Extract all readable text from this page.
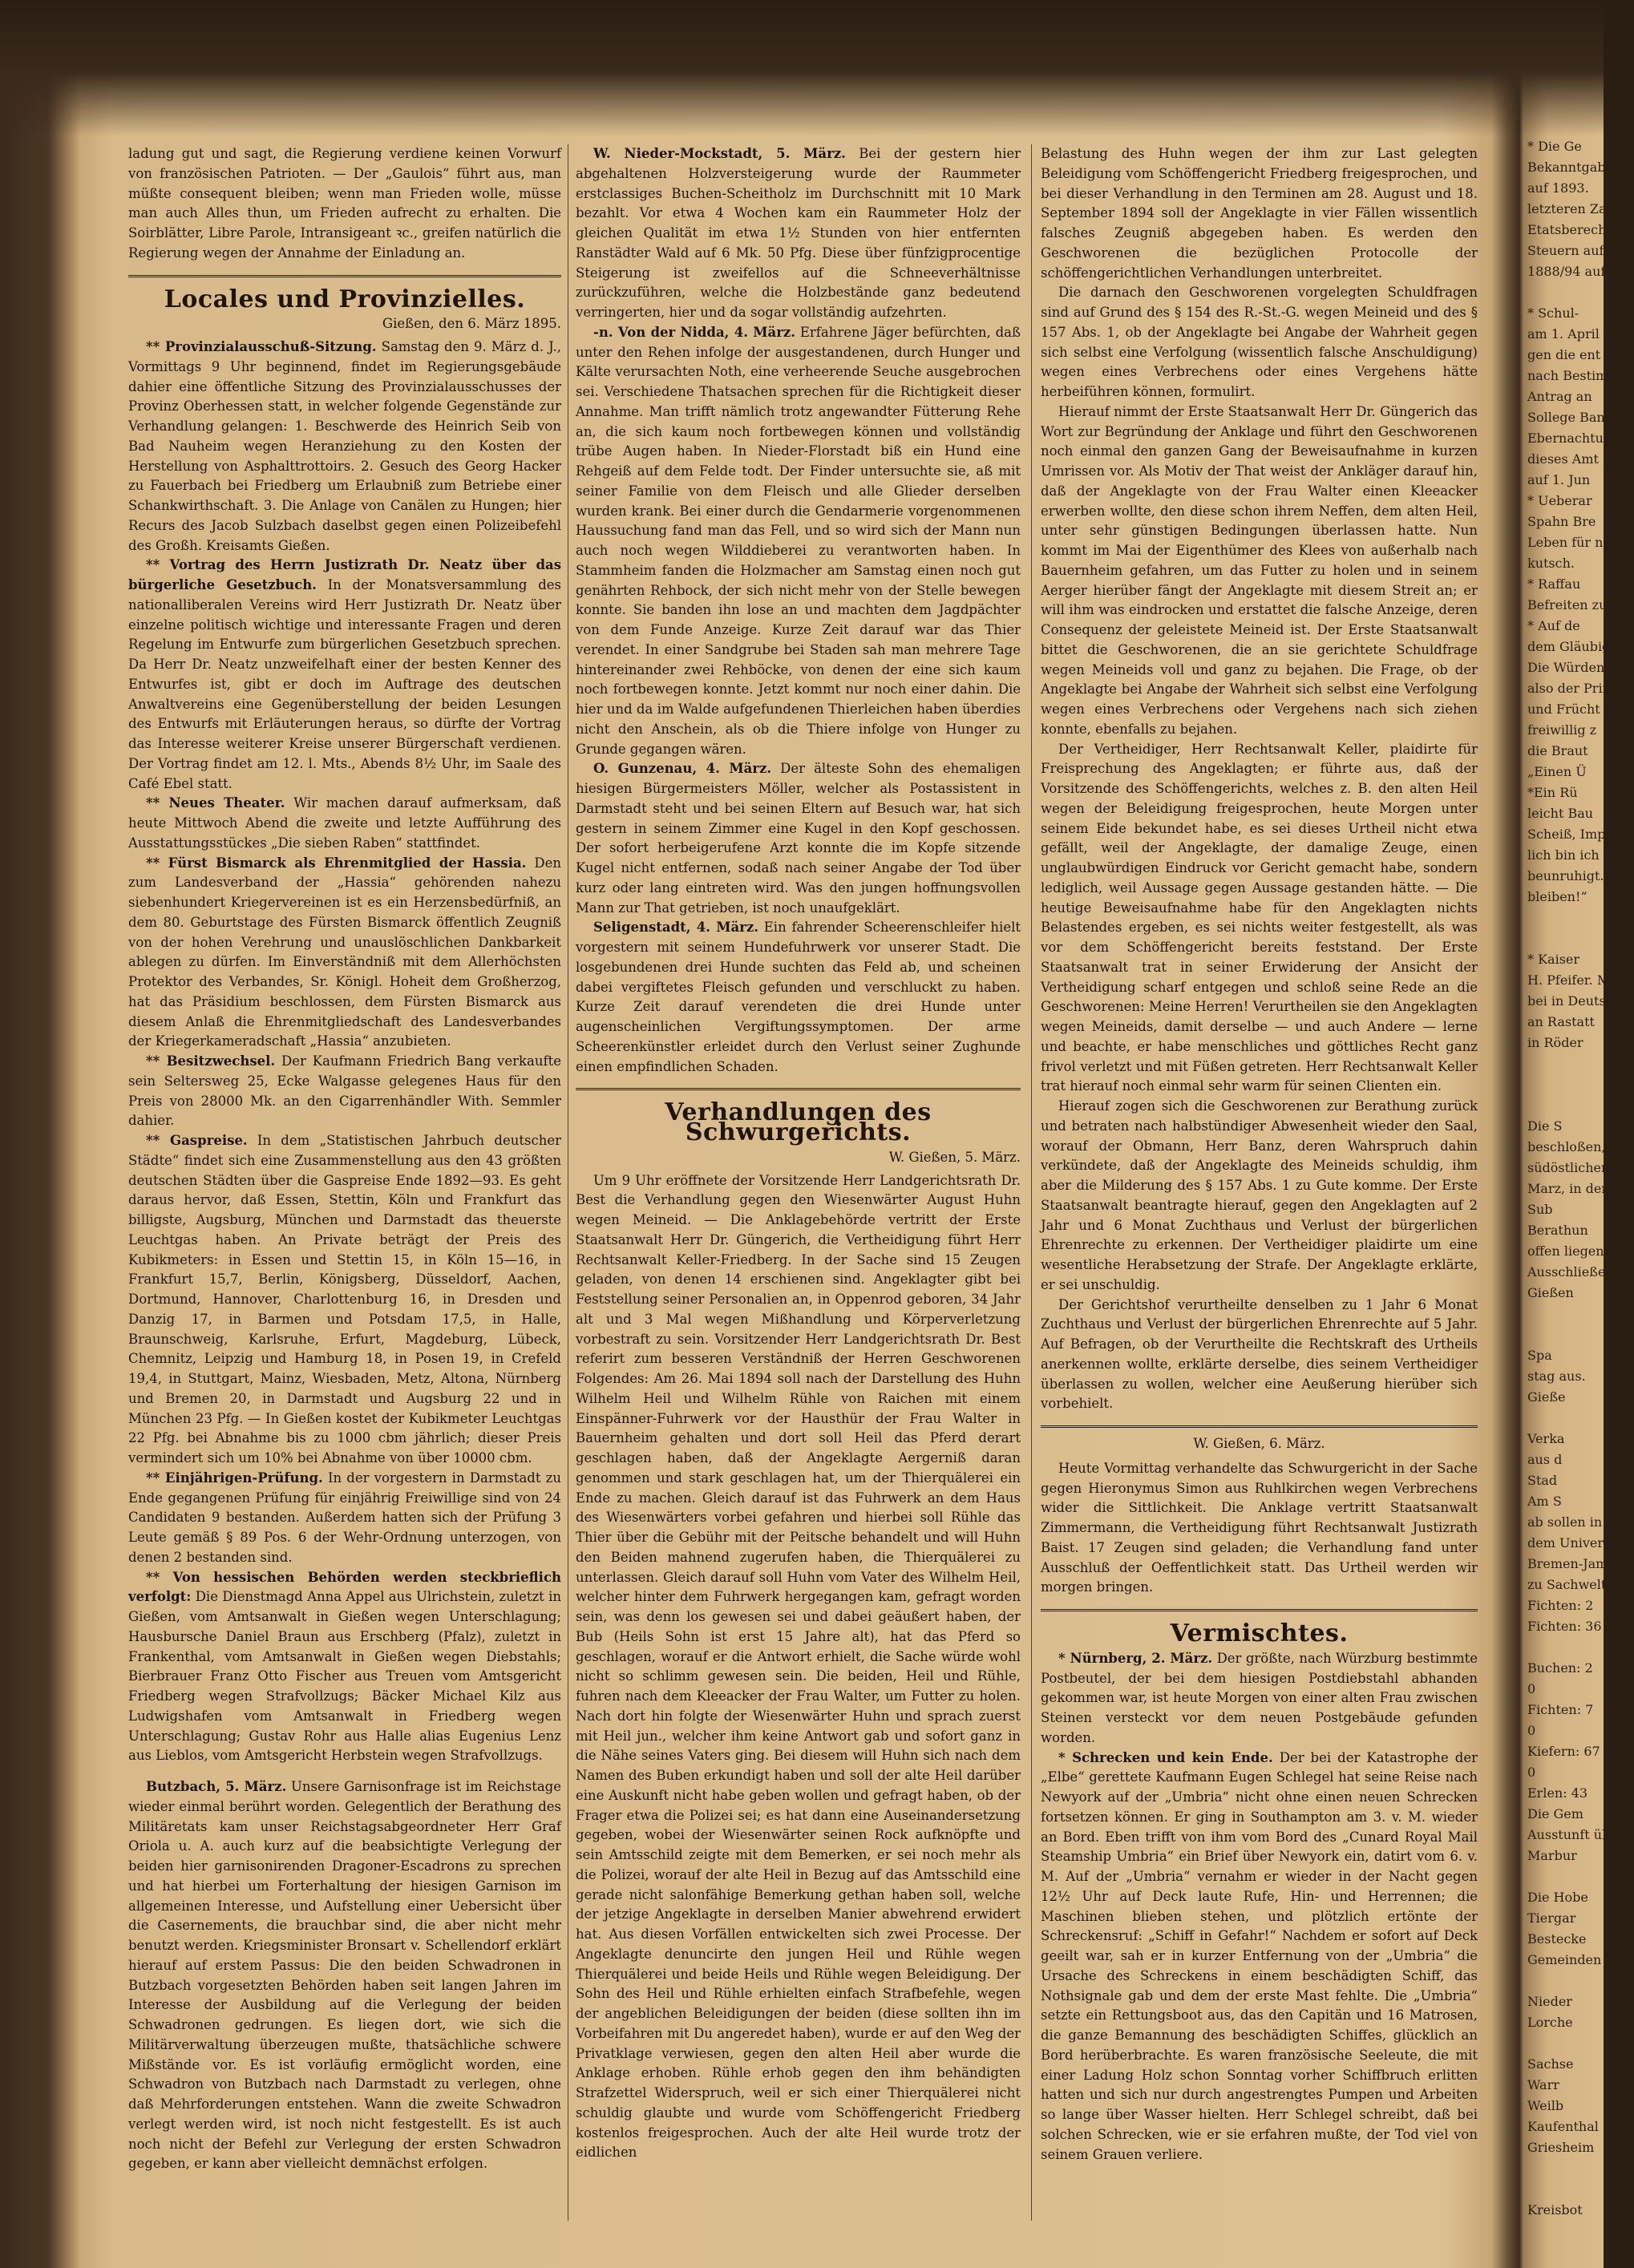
ladung gut und sagt, die Regierung verdiene keinen Vorwurf von französischen Patrioten. — Der „Gaulois“ führt aus, man müßte consequent bleiben; wenn man Frieden wolle, müsse man auch Alles thun, um Frieden aufrecht zu erhalten. Die Soirblätter, Libre Parole, Intransigeant ꝛc., greifen natürlich die Regierung wegen der Annahme der Einladung an.

Locales und Provinzielles.
Gießen, den 6. März 1895.

** Provinzialausschuß-Sitzung. Samstag den 9. März d. J., Vormittags 9 Uhr beginnend, findet im Regierungsgebäude dahier eine öffentliche Sitzung des Provinzialausschusses der Provinz Oberhessen statt, in welcher folgende Gegenstände zur Verhandlung gelangen: 1. Beschwerde des Heinrich Seib von Bad Nauheim wegen Heranziehung zu den Kosten der Herstellung von Asphalttrottoirs. 2. Gesuch des Georg Hacker zu Fauerbach bei Friedberg um Erlaubniß zum Betriebe einer Schankwirthschaft. 3. Die Anlage von Canälen zu Hungen; hier Recurs des Jacob Sulzbach daselbst gegen einen Polizeibefehl des Großh. Kreisamts Gießen.

** Vortrag des Herrn Justizrath Dr. Neatz über das bürgerliche Gesetzbuch. In der Monatsversammlung des nationalliberalen Vereins wird Herr Justizrath Dr. Neatz über einzelne politisch wichtige und interessante Fragen und deren Regelung im Entwurfe zum bürgerlichen Gesetzbuch sprechen. Da Herr Dr. Neatz unzweifelhaft einer der besten Kenner des Entwurfes ist, gibt er doch im Auftrage des deutschen Anwaltvereins eine Gegenüberstellung der beiden Lesungen des Entwurfs mit Erläuterungen heraus, so dürfte der Vortrag das Interesse weiterer Kreise unserer Bürgerschaft verdienen. Der Vortrag findet am 12. l. Mts., Abends 8½ Uhr, im Saale des Café Ebel statt.

** Neues Theater. Wir machen darauf aufmerksam, daß heute Mittwoch Abend die zweite und letzte Aufführung des Ausstattungsstückes „Die sieben Raben“ stattfindet.

** Fürst Bismarck als Ehrenmitglied der Hassia. Den zum Landesverband der „Hassia“ gehörenden nahezu siebenhundert Kriegervereinen ist es ein Herzensbedürfniß, an dem 80. Geburtstage des Fürsten Bismarck öffentlich Zeugniß von der hohen Verehrung und unauslöschlichen Dankbarkeit ablegen zu dürfen. Im Einverständniß mit dem Allerhöchsten Protektor des Verbandes, Sr. Königl. Hoheit dem Großherzog, hat das Präsidium beschlossen, dem Fürsten Bismarck aus diesem Anlaß die Ehrenmitgliedschaft des Landesverbandes der Kriegerkameradschaft „Hassia“ anzubieten.

** Besitzwechsel. Der Kaufmann Friedrich Bang verkaufte sein Seltersweg 25, Ecke Walgasse gelegenes Haus für den Preis von 28000 Mk. an den Cigarrenhändler With. Semmler dahier.

** Gaspreise. In dem „Statistischen Jahrbuch deutscher Städte“ findet sich eine Zusammenstellung aus den 43 größten deutschen Städten über die Gaspreise Ende 1892—93. Es geht daraus hervor, daß Essen, Stettin, Köln und Frankfurt das billigste, Augsburg, München und Darmstadt das theuerste Leuchtgas haben. An Private beträgt der Preis des Kubikmeters: in Essen und Stettin 15, in Köln 15—16, in Frankfurt 15,7, Berlin, Königsberg, Düsseldorf, Aachen, Dortmund, Hannover, Charlottenburg 16, in Dresden und Danzig 17, in Barmen und Potsdam 17,5, in Halle, Braunschweig, Karlsruhe, Erfurt, Magdeburg, Lübeck, Chemnitz, Leipzig und Hamburg 18, in Posen 19, in Crefeld 19,4, in Stuttgart, Mainz, Wiesbaden, Metz, Altona, Nürnberg und Bremen 20, in Darmstadt und Augsburg 22 und in München 23 Pfg. — In Gießen kostet der Kubikmeter Leuchtgas 22 Pfg. bei Abnahme bis zu 1000 cbm jährlich; dieser Preis vermindert sich um 10% bei Abnahme von über 10000 cbm.

** Einjährigen-Prüfung. In der vorgestern in Darmstadt zu Ende gegangenen Prüfung für einjährig Freiwillige sind von 24 Candidaten 9 bestanden. Außerdem hatten sich der Prüfung 3 Leute gemäß § 89 Pos. 6 der Wehr-Ordnung unterzogen, von denen 2 bestanden sind.

** Von hessischen Behörden werden steckbrieflich verfolgt: Die Dienstmagd Anna Appel aus Ulrichstein, zuletzt in Gießen, vom Amtsanwalt in Gießen wegen Unterschlagung; Hausbursche Daniel Braun aus Erschberg (Pfalz), zuletzt in Frankenthal, vom Amtsanwalt in Gießen wegen Diebstahls; Bierbrauer Franz Otto Fischer aus Treuen vom Amtsgericht Friedberg wegen Strafvollzugs; Bäcker Michael Kilz aus Ludwigshafen vom Amtsanwalt in Friedberg wegen Unterschlagung; Gustav Rohr aus Halle alias Eugenius Lenz aus Lieblos, vom Amtsgericht Herbstein wegen Strafvollzugs.

Butzbach, 5. März. Unsere Garnisonfrage ist im Reichstage wieder einmal berührt worden. Gelegentlich der Berathung des Militäretats kam unser Reichstagsabgeordneter Herr Graf Oriola u. A. auch kurz auf die beabsichtigte Verlegung der beiden hier garnisonirenden Dragoner-Escadrons zu sprechen und hat hierbei um Forterhaltung der hiesigen Garnison im allgemeinen Interesse, und Aufstellung einer Uebersicht über die Casernements, die brauchbar sind, die aber nicht mehr benutzt werden. Kriegsminister Bronsart v. Schellendorf erklärt hierauf auf erstem Passus: Die den beiden Schwadronen in Butzbach vorgesetzten Behörden haben seit langen Jahren im Interesse der Ausbildung auf die Verlegung der beiden Schwadronen gedrungen. Es liegen dort, wie sich die Militärverwaltung überzeugen mußte, thatsächliche schwere Mißstände vor. Es ist vorläufig ermöglicht worden, eine Schwadron von Butzbach nach Darmstadt zu verlegen, ohne daß Mehrforderungen entstehen. Wann die zweite Schwadron verlegt werden wird, ist noch nicht festgestellt. Es ist auch noch nicht der Befehl zur Verlegung der ersten Schwadron gegeben, er kann aber vielleicht demnächst erfolgen.

W. Nieder-Mockstadt, 5. März. Bei der gestern hier abgehaltenen Holzversteigerung wurde der Raummeter erstclassiges Buchen-Scheitholz im Durchschnitt mit 10 Mark bezahlt. Vor etwa 4 Wochen kam ein Raummeter Holz der gleichen Qualität im etwa 1½ Stunden von hier entfernten Ranstädter Wald auf 6 Mk. 50 Pfg. Diese über fünfzigprocentige Steigerung ist zweifellos auf die Schneeverhältnisse zurückzuführen, welche die Holzbestände ganz bedeutend verringerten, hier und da sogar vollständig aufzehrten.

-n. Von der Nidda, 4. März. Erfahrene Jäger befürchten, daß unter den Rehen infolge der ausgestandenen, durch Hunger und Kälte verursachten Noth, eine verheerende Seuche ausgebrochen sei. Verschiedene Thatsachen sprechen für die Richtigkeit dieser Annahme. Man trifft nämlich trotz angewandter Fütterung Rehe an, die sich kaum noch fortbewegen können und vollständig trübe Augen haben. In Nieder-Florstadt biß ein Hund eine Rehgeiß auf dem Felde todt. Der Finder untersuchte sie, aß mit seiner Familie von dem Fleisch und alle Glieder derselben wurden krank. Bei einer durch die Gendarmerie vorgenommenen Haussuchung fand man das Fell, und so wird sich der Mann nun auch noch wegen Wilddieberei zu verantworten haben. In Stammheim fanden die Holzmacher am Samstag einen noch gut genährten Rehbock, der sich nicht mehr von der Stelle bewegen konnte. Sie banden ihn lose an und machten dem Jagdpächter von dem Funde Anzeige. Kurze Zeit darauf war das Thier verendet. In einer Sandgrube bei Staden sah man mehrere Tage hintereinander zwei Rehböcke, von denen der eine sich kaum noch fortbewegen konnte. Jetzt kommt nur noch einer dahin. Die hier und da im Walde aufgefundenen Thierleichen haben überdies nicht den Anschein, als ob die Thiere infolge von Hunger zu Grunde gegangen wären.

O. Gunzenau, 4. März. Der älteste Sohn des ehemaligen hiesigen Bürgermeisters Möller, welcher als Postassistent in Darmstadt steht und bei seinen Eltern auf Besuch war, hat sich gestern in seinem Zimmer eine Kugel in den Kopf geschossen. Der sofort herbeigerufene Arzt konnte die im Kopfe sitzende Kugel nicht entfernen, sodaß nach seiner Angabe der Tod über kurz oder lang eintreten wird. Was den jungen hoffnungsvollen Mann zur That getrieben, ist noch unaufgeklärt.

Seligenstadt, 4. März. Ein fahrender Scheerenschleifer hielt vorgestern mit seinem Hundefuhrwerk vor unserer Stadt. Die losgebundenen drei Hunde suchten das Feld ab, und scheinen dabei vergiftetes Fleisch gefunden und verschluckt zu haben. Kurze Zeit darauf verendeten die drei Hunde unter augenscheinlichen Vergiftungssymptomen. Der arme Scheerenkünstler erleidet durch den Verlust seiner Zughunde einen empfindlichen Schaden.

Verhandlungen des Schwurgerichts.
W. Gießen, 5. März.

Um 9 Uhr eröffnete der Vorsitzende Herr Landgerichtsrath Dr. Best die Verhandlung gegen den Wiesenwärter August Huhn wegen Meineid. — Die Anklagebehörde vertritt der Erste Staatsanwalt Herr Dr. Güngerich, die Vertheidigung führt Herr Rechtsanwalt Keller-Friedberg. In der Sache sind 15 Zeugen geladen, von denen 14 erschienen sind. Angeklagter gibt bei Feststellung seiner Personalien an, in Oppenrod geboren, 34 Jahr alt und 3 Mal wegen Mißhandlung und Körperverletzung vorbestraft zu sein. Vorsitzender Herr Landgerichtsrath Dr. Best referirt zum besseren Verständniß der Herren Geschworenen Folgendes: Am 26. Mai 1894 soll nach der Darstellung des Huhn Wilhelm Heil und Wilhelm Rühle von Raichen mit einem Einspänner-Fuhrwerk vor der Hausthür der Frau Walter in Bauernheim gehalten und dort soll Heil das Pferd derart geschlagen haben, daß der Angeklagte Aergerniß daran genommen und stark geschlagen hat, um der Thierquälerei ein Ende zu machen. Gleich darauf ist das Fuhrwerk an dem Haus des Wiesenwärters vorbei gefahren und hierbei soll Rühle das Thier über die Gebühr mit der Peitsche behandelt und will Huhn den Beiden mahnend zugerufen haben, die Thierquälerei zu unterlassen. Gleich darauf soll Huhn vom Vater des Wilhelm Heil, welcher hinter dem Fuhrwerk hergegangen kam, gefragt worden sein, was denn los gewesen sei und dabei geäußert haben, der Bub (Heils Sohn ist erst 15 Jahre alt), hat das Pferd so geschlagen, worauf er die Antwort erhielt, die Sache würde wohl nicht so schlimm gewesen sein. Die beiden, Heil und Rühle, fuhren nach dem Kleeacker der Frau Walter, um Futter zu holen. Nach dort hin folgte der Wiesenwärter Huhn und sprach zuerst mit Heil jun., welcher ihm keine Antwort gab und sofort ganz in die Nähe seines Vaters ging. Bei diesem will Huhn sich nach dem Namen des Buben erkundigt haben und soll der alte Heil darüber eine Auskunft nicht habe geben wollen und gefragt haben, ob der Frager etwa die Polizei sei; es hat dann eine Auseinandersetzung gegeben, wobei der Wiesenwärter seinen Rock aufknöpfte und sein Amtsschild zeigte mit dem Bemerken, er sei noch mehr als die Polizei, worauf der alte Heil in Bezug auf das Amtsschild eine gerade nicht salonfähige Bemerkung gethan haben soll, welche der jetzige Angeklagte in derselben Manier abwehrend erwidert hat. Aus diesen Vorfällen entwickelten sich zwei Processe. Der Angeklagte denuncirte den jungen Heil und Rühle wegen Thierquälerei und beide Heils und Rühle wegen Beleidigung. Der Sohn des Heil und Rühle erhielten einfach Strafbefehle, wegen der angeblichen Beleidigungen der beiden (diese sollten ihn im Vorbeifahren mit Du angeredet haben), wurde er auf den Weg der Privatklage verwiesen, gegen den alten Heil aber wurde die Anklage erhoben. Rühle erhob gegen den ihm behändigten Strafzettel Widerspruch, weil er sich einer Thierquälerei nicht schuldig glaubte und wurde vom Schöffengericht Friedberg kostenlos freigesprochen. Auch der alte Heil wurde trotz der eidlichen

Belastung des Huhn wegen der ihm zur Last gelegten Beleidigung vom Schöffengericht Friedberg freigesprochen, und bei dieser Verhandlung in den Terminen am 28. August und 18. September 1894 soll der Angeklagte in vier Fällen wissentlich falsches Zeugniß abgegeben haben. Es werden den Geschworenen die bezüglichen Protocolle der schöffengerichtlichen Verhandlungen unterbreitet.

Die darnach den Geschworenen vorgelegten Schuldfragen sind auf Grund des § 154 des R.-St.-G. wegen Meineid und des § 157 Abs. 1, ob der Angeklagte bei Angabe der Wahrheit gegen sich selbst eine Verfolgung (wissentlich falsche Anschuldigung) wegen eines Verbrechens oder eines Vergehens hätte herbeiführen können, formulirt.

Hierauf nimmt der Erste Staatsanwalt Herr Dr. Güngerich das Wort zur Begründung der Anklage und führt den Geschworenen noch einmal den ganzen Gang der Beweisaufnahme in kurzen Umrissen vor. Als Motiv der That weist der Ankläger darauf hin, daß der Angeklagte von der Frau Walter einen Kleeacker erwerben wollte, den diese schon ihrem Neffen, dem alten Heil, unter sehr günstigen Bedingungen überlassen hatte. Nun kommt im Mai der Eigenthümer des Klees von außerhalb nach Bauernheim gefahren, um das Futter zu holen und in seinem Aerger hierüber fängt der Angeklagte mit diesem Streit an; er will ihm was eindrocken und erstattet die falsche Anzeige, deren Consequenz der geleistete Meineid ist. Der Erste Staatsanwalt bittet die Geschworenen, die an sie gerichtete Schuldfrage wegen Meineids voll und ganz zu bejahen. Die Frage, ob der Angeklagte bei Angabe der Wahrheit sich selbst eine Verfolgung wegen eines Verbrechens oder Vergehens nach sich ziehen konnte, ebenfalls zu bejahen.

Der Vertheidiger, Herr Rechtsanwalt Keller, plaidirte für Freisprechung des Angeklagten; er führte aus, daß der Vorsitzende des Schöffengerichts, welches z. B. den alten Heil wegen der Beleidigung freigesprochen, heute Morgen unter seinem Eide bekundet habe, es sei dieses Urtheil nicht etwa gefällt, weil der Angeklagte, der damalige Zeuge, einen unglaubwürdigen Eindruck vor Gericht gemacht habe, sondern lediglich, weil Aussage gegen Aussage gestanden hätte. — Die heutige Beweisaufnahme habe für den Angeklagten nichts Belastendes ergeben, es sei nichts weiter festgestellt, als was vor dem Schöffengericht bereits feststand. Der Erste Staatsanwalt trat in seiner Erwiderung der Ansicht der Vertheidigung scharf entgegen und schloß seine Rede an die Geschworenen: Meine Herren! Verurtheilen sie den Angeklagten wegen Meineids, damit derselbe — und auch Andere — lerne und beachte, er habe menschliches und göttliches Recht ganz frivol verletzt und mit Füßen getreten. Herr Rechtsanwalt Keller trat hierauf noch einmal sehr warm für seinen Clienten ein.

Hierauf zogen sich die Geschworenen zur Berathung zurück und betraten nach halbstündiger Abwesenheit wieder den Saal, worauf der Obmann, Herr Banz, deren Wahrspruch dahin verkündete, daß der Angeklagte des Meineids schuldig, ihm aber die Milderung des § 157 Abs. 1 zu Gute komme. Der Erste Staatsanwalt beantragte hierauf, gegen den Angeklagten auf 2 Jahr und 6 Monat Zuchthaus und Verlust der bürgerlichen Ehrenrechte zu erkennen. Der Vertheidiger plaidirte um eine wesentliche Herabsetzung der Strafe. Der Angeklagte erklärte, er sei unschuldig.

Der Gerichtshof verurtheilte denselben zu 1 Jahr 6 Monat Zuchthaus und Verlust der bürgerlichen Ehrenrechte auf 5 Jahr. Auf Befragen, ob der Verurtheilte die Rechtskraft des Urtheils anerkennen wollte, erklärte derselbe, dies seinem Vertheidiger überlassen zu wollen, welcher eine Aeußerung hierüber sich vorbehielt.

W. Gießen, 6. März.

Heute Vormittag verhandelte das Schwurgericht in der Sache gegen Hieronymus Simon aus Ruhlkirchen wegen Verbrechens wider die Sittlichkeit. Die Anklage vertritt Staatsanwalt Zimmermann, die Vertheidigung führt Rechtsanwalt Justizrath Baist. 17 Zeugen sind geladen; die Verhandlung fand unter Ausschluß der Oeffentlichkeit statt. Das Urtheil werden wir morgen bringen.

Vermischtes.

* Nürnberg, 2. März. Der größte, nach Würzburg bestimmte Postbeutel, der bei dem hiesigen Postdiebstahl abhanden gekommen war, ist heute Morgen von einer alten Frau zwischen Steinen versteckt vor dem neuen Postgebäude gefunden worden.

* Schrecken und kein Ende. Der bei der Katastrophe der „Elbe“ gerettete Kaufmann Eugen Schlegel hat seine Reise nach Newyork auf der „Umbria“ nicht ohne einen neuen Schrecken fortsetzen können. Er ging in Southampton am 3. v. M. wieder an Bord. Eben trifft von ihm vom Bord des „Cunard Royal Mail Steamship Umbria“ ein Brief über Newyork ein, datirt vom 6. v. M. Auf der „Umbria“ vernahm er wieder in der Nacht gegen 12½ Uhr auf Deck laute Rufe, Hin- und Herrennen; die Maschinen blieben stehen, und plötzlich ertönte der Schreckensruf: „Schiff in Gefahr!“ Nachdem er sofort auf Deck geeilt war, sah er in kurzer Entfernung von der „Umbria“ die Ursache des Schreckens in einem beschädigten Schiff, das Nothsignale gab und dem der erste Mast fehlte. Die „Umbria“ setzte ein Rettungsboot aus, das den Capitän und 16 Matrosen, die ganze Bemannung des beschädigten Schiffes, glücklich an Bord herüberbrachte. Es waren französische Seeleute, die mit einer Ladung Holz schon Sonntag vorher Schiffbruch erlitten hatten und sich nur durch angestrengtes Pumpen und Arbeiten so lange über Wasser hielten. Herr Schlegel schreibt, daß bei solchen Schrecken, wie er sie erfahren mußte, der Tod viel von seinem Grauen verliere.

* Die Ge
Bekanntgab
auf 1893.
letzteren Zahl
Etatsberech
Steuern auf
1888/94 auf

* Schul-
am 1. April
gen die ent
nach Bestim
Antrag an
Sollege Ban
Ebernachtu
dieses Amt
auf 1. Jun
* Ueberar
Spahn Bre
Leben für n
kutsch.
* Raffau
Befreiten zum
* Auf de
dem Gläubige
Die Würden
also der Prinz
und Frücht
freiwillig z
die Braut
„Einen Ü
*Ein Rü
leicht Bau
Scheiß, Impfu
lich bin ich
beunruhigt. Wer
bleiben!“

* Kaiser
H. Pfeifer. M
bei in Deuts
an Rastatt
in Röder

Die S
beschloßen, Ge
südöstlicher R
Marz, in den
Sub
Berathun
offen liegen
Ausschließen
Gießen

Spa
stag aus.
Gieße

Verka
aus d
Stad
Am S
ab sollen in
dem Universi
Bremen-Jambak
zu Sachwelt
Fichten: 2
Fichten: 36

Buchen: 2
0
Fichten: 7
0
Kiefern: 67
0
Erlen: 43
Die Gem
Ausstunft über
Marbur

Die Hobe
Tiergar
Bestecke
Gemeinden

Nieder
Lorche

Sachse
Warr
Weilb
Kaufenthal
Griesheim

Kreisbot
